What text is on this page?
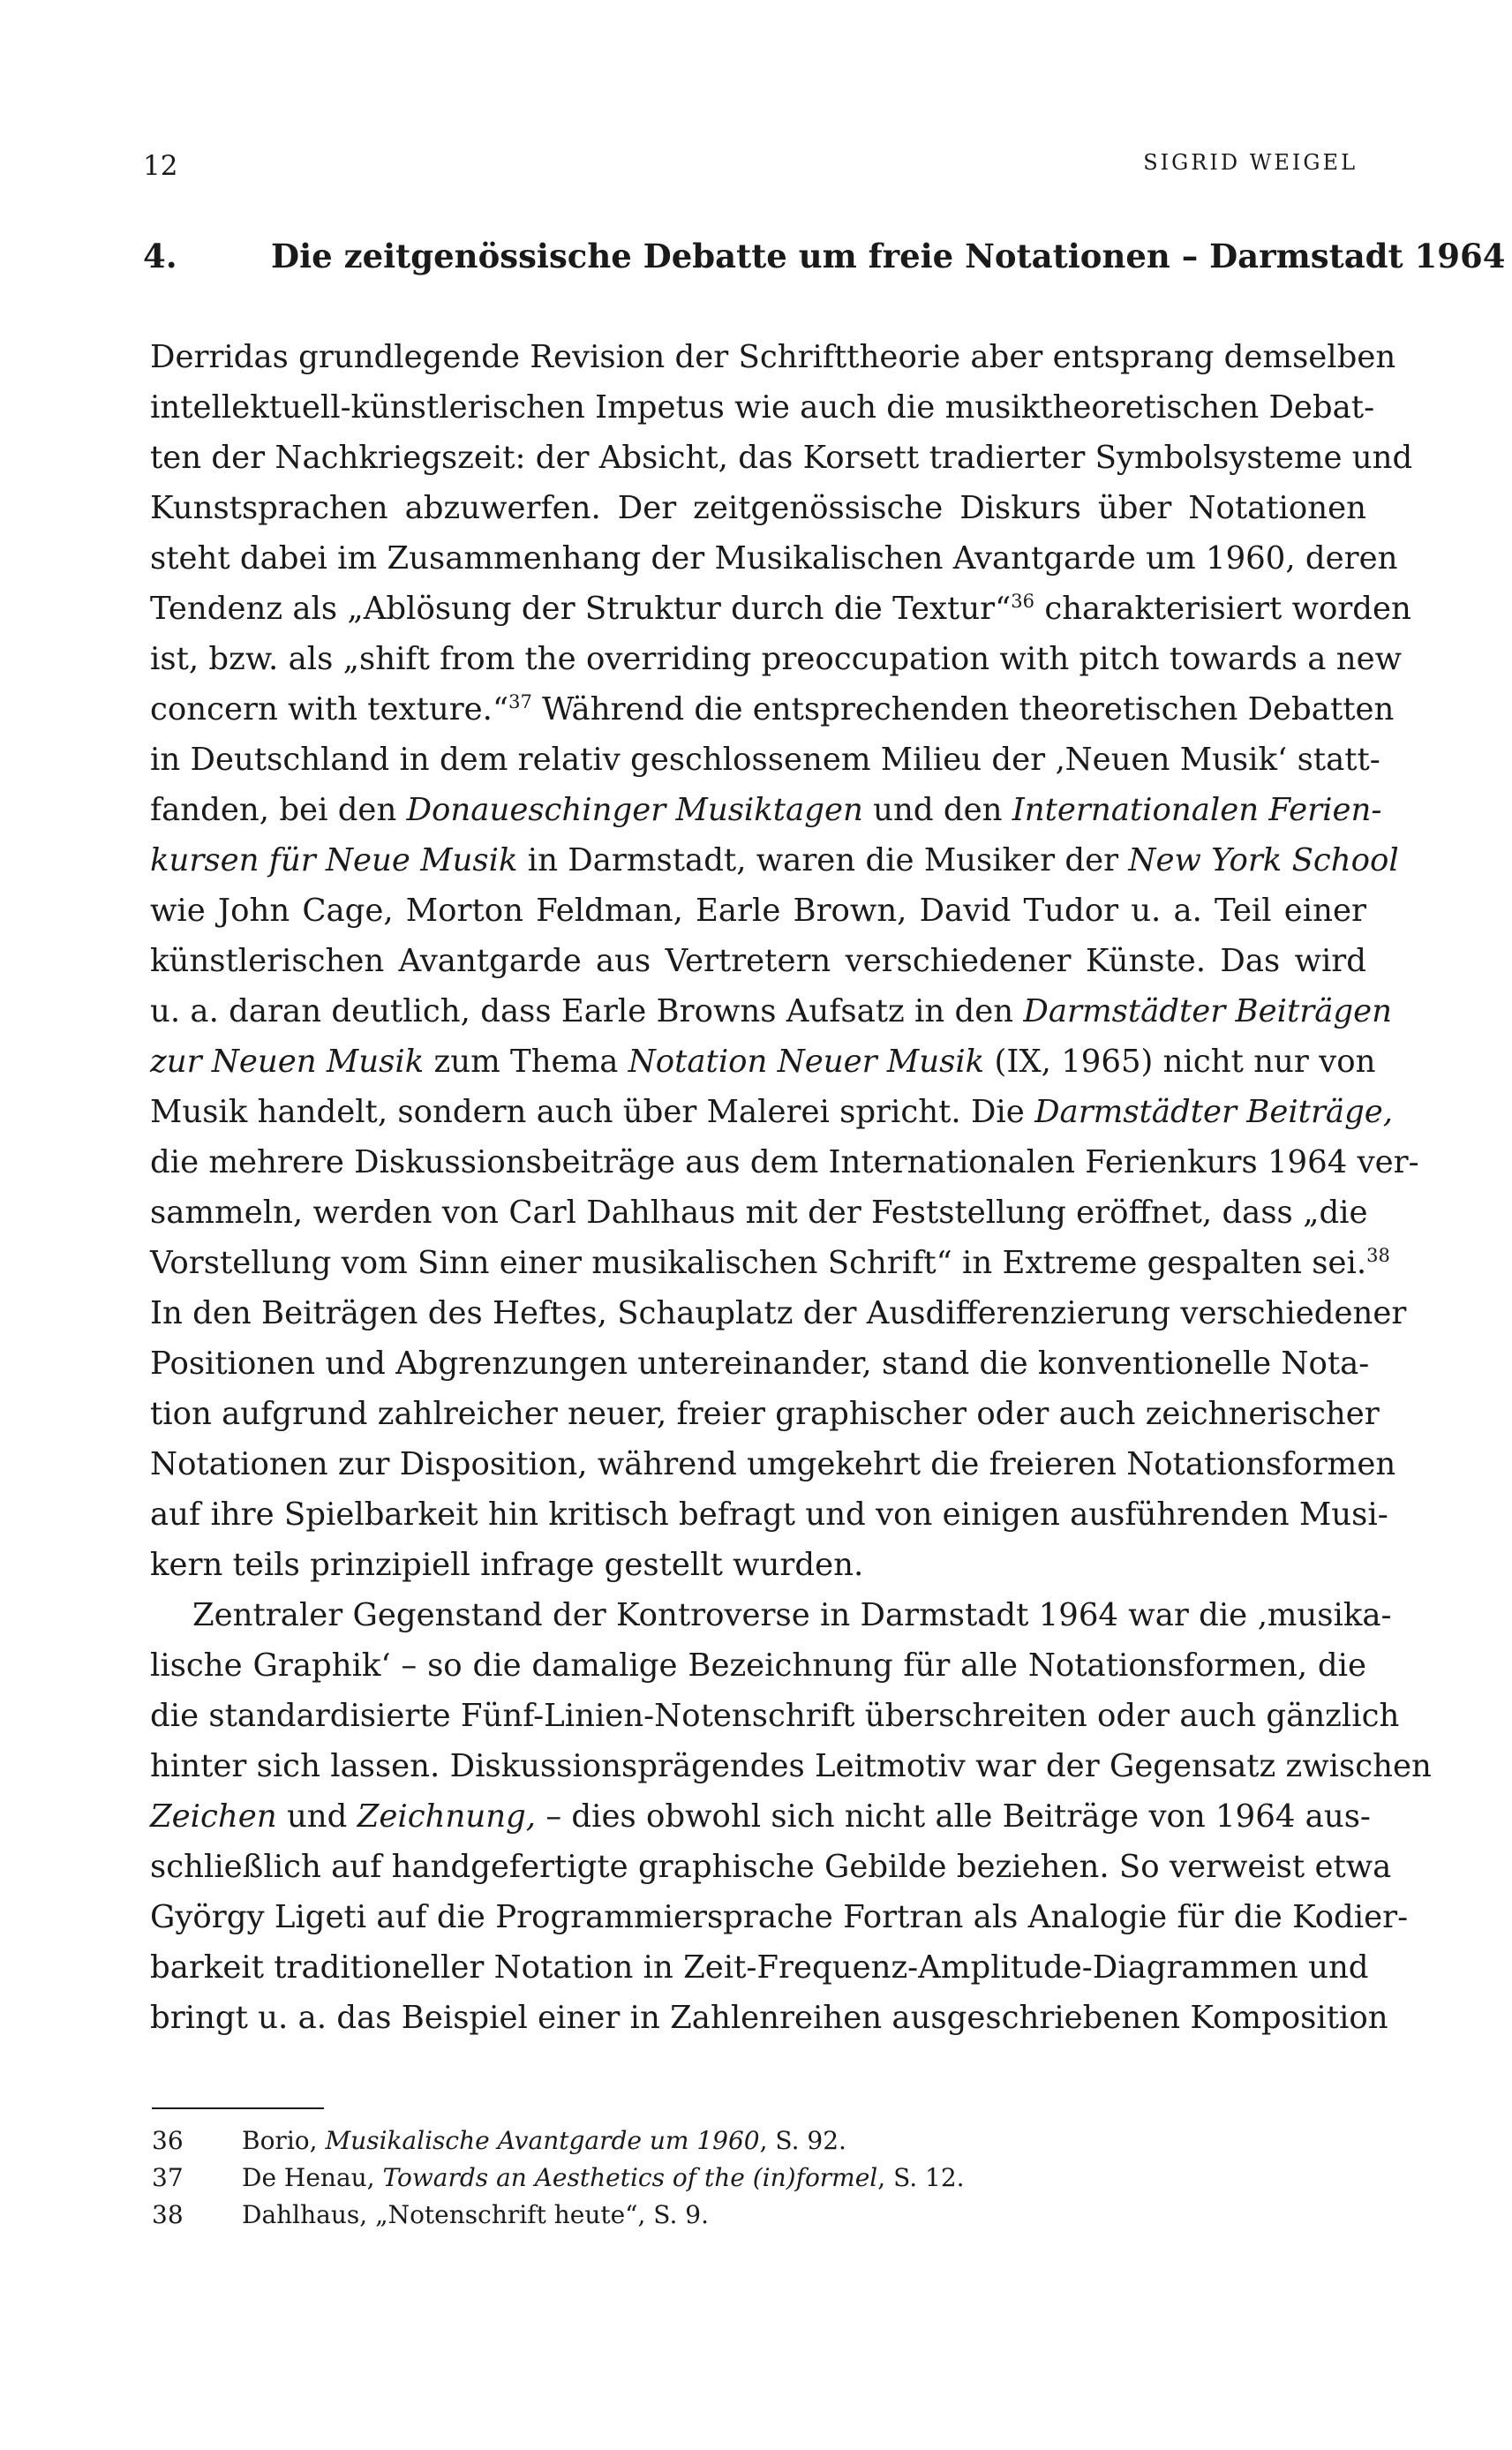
12	SIGRID WEIGEL
4.	Die zeitgenössische Debatte um freie Notationen – Darmstadt 1964
Derridas grundlegende Revision der Schrifttheorie aber entsprang demselben
intellektuell-künstlerischen Impetus wie auch die musiktheoretischen Debat-
ten der Nachkriegszeit: der Absicht, das Korsett tradierter Symbolsysteme und
Kunstsprachen abzuwerfen. Der zeitgenössische Diskurs über Notationen
steht dabei im Zusammenhang der Musikalischen Avantgarde um 1960, deren
Tendenz als „Ablösung der Struktur durch die Textur“$^{36}$ charakterisiert worden
ist, bzw. als „shift from the overriding preoccupation with pitch towards a new
concern with texture.“$^{37}$ Während die entsprechenden theoretischen Debatten
in Deutschland in dem relativ geschlossenem Milieu der ‚Neuen Musik‘ statt-
fanden, bei den Donaueschinger Musiktagen und den Internationalen Ferien-
kursen für Neue Musik in Darmstadt, waren die Musiker der New York School
wie John Cage, Morton Feldman, Earle Brown, David Tudor u. a. Teil einer
künstlerischen Avantgarde aus Vertretern verschiedener Künste. Das wird
u. a. daran deutlich, dass Earle Browns Aufsatz in den Darmstädter Beiträgen
zur Neuen Musik zum Thema Notation Neuer Musik (IX, 1965) nicht nur von
Musik handelt, sondern auch über Malerei spricht. Die Darmstädter Beiträge,
die mehrere Diskussionsbeiträge aus dem Internationalen Ferienkurs 1964 ver-
sammeln, werden von Carl Dahlhaus mit der Feststellung eröffnet, dass „die
Vorstellung vom Sinn einer musikalischen Schrift“ in Extreme gespalten sei.$^{38}$
In den Beiträgen des Heftes, Schauplatz der Ausdifferenzierung verschiedener
Positionen und Abgrenzungen untereinander, stand die konventionelle Nota-
tion aufgrund zahlreicher neuer, freier graphischer oder auch zeichnerischer
Notationen zur Disposition, während umgekehrt die freieren Notationsformen
auf ihre Spielbarkeit hin kritisch befragt und von einigen ausführenden Musi-
kern teils prinzipiell infrage gestellt wurden.
Zentraler Gegenstand der Kontroverse in Darmstadt 1964 war die ‚musika-
lische Graphik‘ – so die damalige Bezeichnung für alle Notationsformen, die
die standardisierte Fünf-Linien-Notenschrift überschreiten oder auch gänzlich
hinter sich lassen. Diskussionsprägendes Leitmotiv war der Gegensatz zwischen
Zeichen und Zeichnung, – dies obwohl sich nicht alle Beiträge von 1964 aus-
schließlich auf handgefertigte graphische Gebilde beziehen. So verweist etwa
György Ligeti auf die Programmiersprache Fortran als Analogie für die Kodier-
barkeit traditioneller Notation in Zeit-Frequenz-Amplitude-Diagrammen und
bringt u. a. das Beispiel einer in Zahlenreihen ausgeschriebenen Komposition
36	Borio, Musikalische Avantgarde um 1960, S. 92.
37	De Henau, Towards an Aesthetics of the (in)formel, S. 12.
38	Dahlhaus, „Notenschrift heute“, S. 9.
